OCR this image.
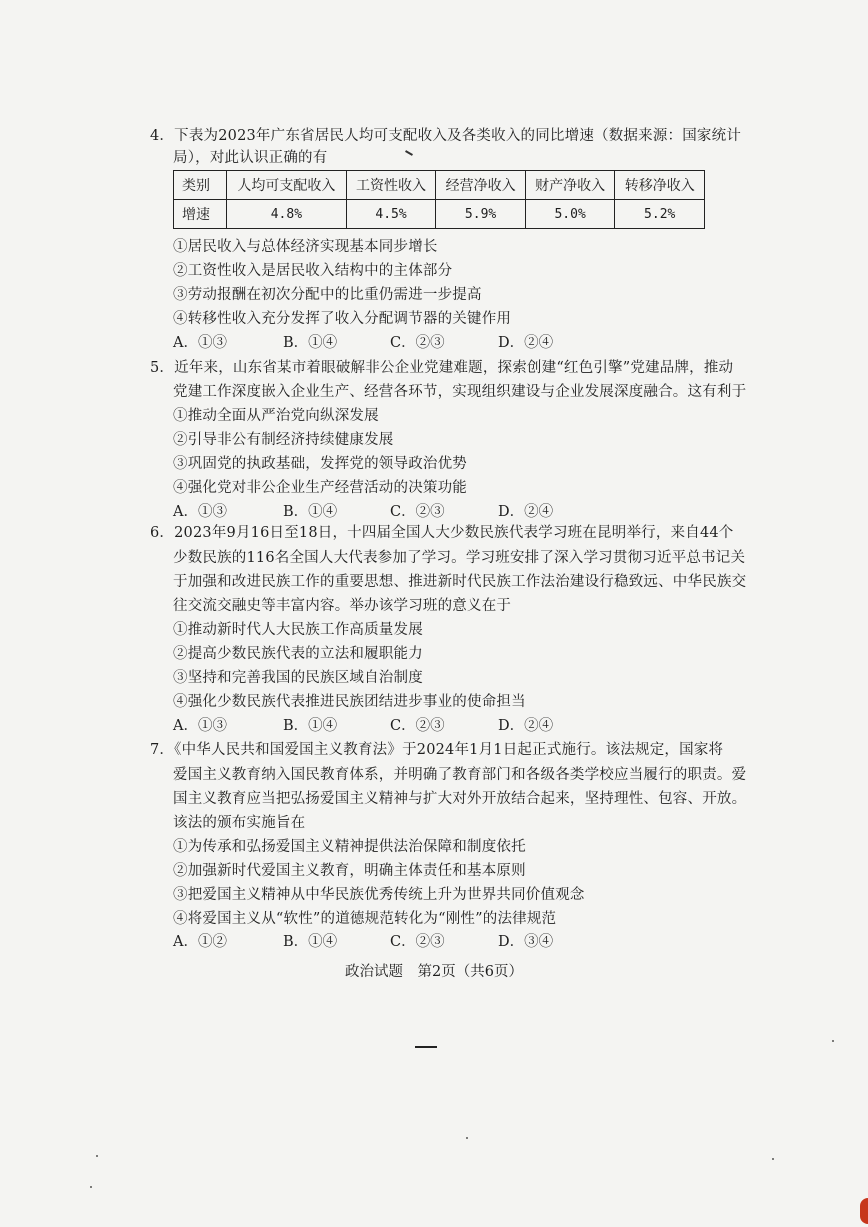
4．下表为2023年广东省居民人均可支配收入及各类收入的同比增速（数据来源：国家统计
局），对此认识正确的有
类别	人均可支配收入	工资性收入	经营净收入	财产净收入	转移净收入
增速	4.8%	4.5%	5.9%	5.0%	5.2%
①居民收入与总体经济实现基本同步增长
②工资性收入是居民收入结构中的主体部分
③劳动报酬在初次分配中的比重仍需进一步提高
④转移性收入充分发挥了收入分配调节器的关键作用
A．①③	B．①④	C．②③	D．②④
5．近年来，山东省某市着眼破解非公企业党建难题，探索创建“红色引擎”党建品牌，推动
党建工作深度嵌入企业生产、经营各环节，实现组织建设与企业发展深度融合。这有利于
①推动全面从严治党向纵深发展
②引导非公有制经济持续健康发展
③巩固党的执政基础，发挥党的领导政治优势
④强化党对非公企业生产经营活动的决策功能
A．①③	B．①④	C．②③	D．②④
6．2023年9月16日至18日，十四届全国人大少数民族代表学习班在昆明举行，来自44个
少数民族的116名全国人大代表参加了学习。学习班安排了深入学习贯彻习近平总书记关
于加强和改进民族工作的重要思想、推进新时代民族工作法治建设行稳致远、中华民族交
往交流交融史等丰富内容。举办该学习班的意义在于
①推动新时代人大民族工作高质量发展
②提高少数民族代表的立法和履职能力
③坚持和完善我国的民族区域自治制度
④强化少数民族代表推进民族团结进步事业的使命担当
A．①③	B．①④	C．②③	D．②④
7．《中华人民共和国爱国主义教育法》于2024年1月1日起正式施行。该法规定，国家将
爱国主义教育纳入国民教育体系，并明确了教育部门和各级各类学校应当履行的职责。爱
国主义教育应当把弘扬爱国主义精神与扩大对外开放结合起来，坚持理性、包容、开放。
该法的颁布实施旨在
①为传承和弘扬爱国主义精神提供法治保障和制度依托
②加强新时代爱国主义教育，明确主体责任和基本原则
③把爱国主义精神从中华民族优秀传统上升为世界共同价值观念
④将爱国主义从“软性”的道德规范转化为“刚性”的法律规范
A．①②	B．①④	C．②③	D．③④
政治试题　第2页（共6页）
